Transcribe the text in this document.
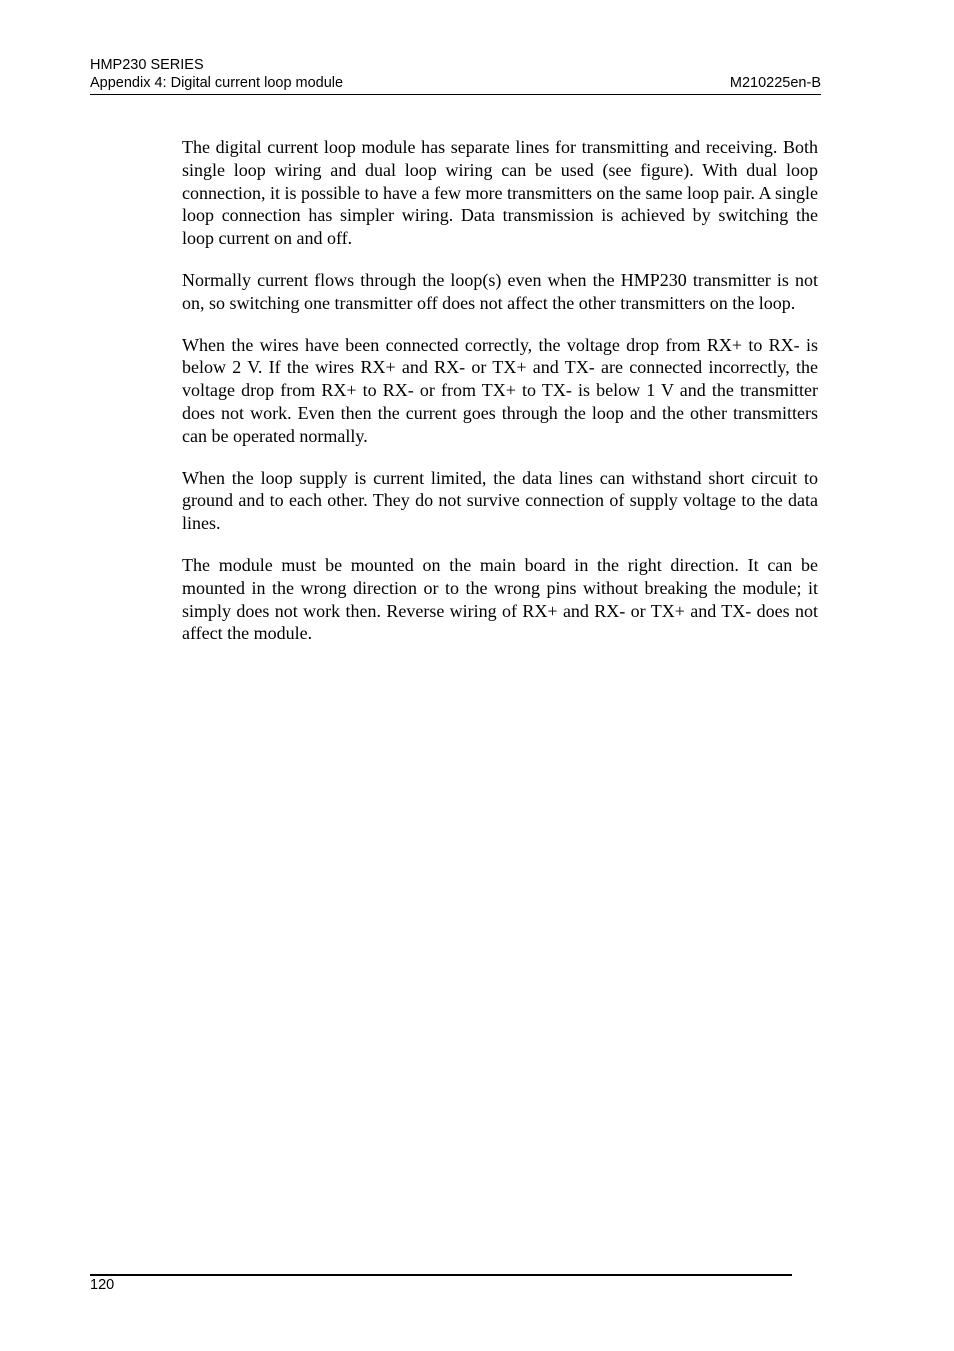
HMP230 SERIES
Appendix 4: Digital current loop module	M210225en-B

The digital current loop module has separate lines for transmitting and receiving. Both single loop wiring and dual loop wiring can be used (see figure). With dual loop connection, it is possible to have a few more transmitters on the same loop pair. A single loop connection has simpler wiring. Data transmission is achieved by switching the loop current on and off.

Normally current flows through the loop(s) even when the HMP230 transmitter is not on, so switching one transmitter off does not affect the other transmitters on the loop.

When the wires have been connected correctly, the voltage drop from RX+ to RX- is below 2 V. If the wires RX+ and RX- or TX+ and TX- are connected incorrectly, the voltage drop from RX+ to RX- or from TX+ to TX- is below 1 V and the transmitter does not work. Even then the current goes through the loop and the other transmitters can be operated normally.

When the loop supply is current limited, the data lines can withstand short circuit to ground and to each other. They do not survive connection of supply voltage to the data lines.

The module must be mounted on the main board in the right direction. It can be mounted in the wrong direction or to the wrong pins without breaking the module; it simply does not work then. Reverse wiring of RX+ and RX- or TX+ and TX- does not affect the module.

120
